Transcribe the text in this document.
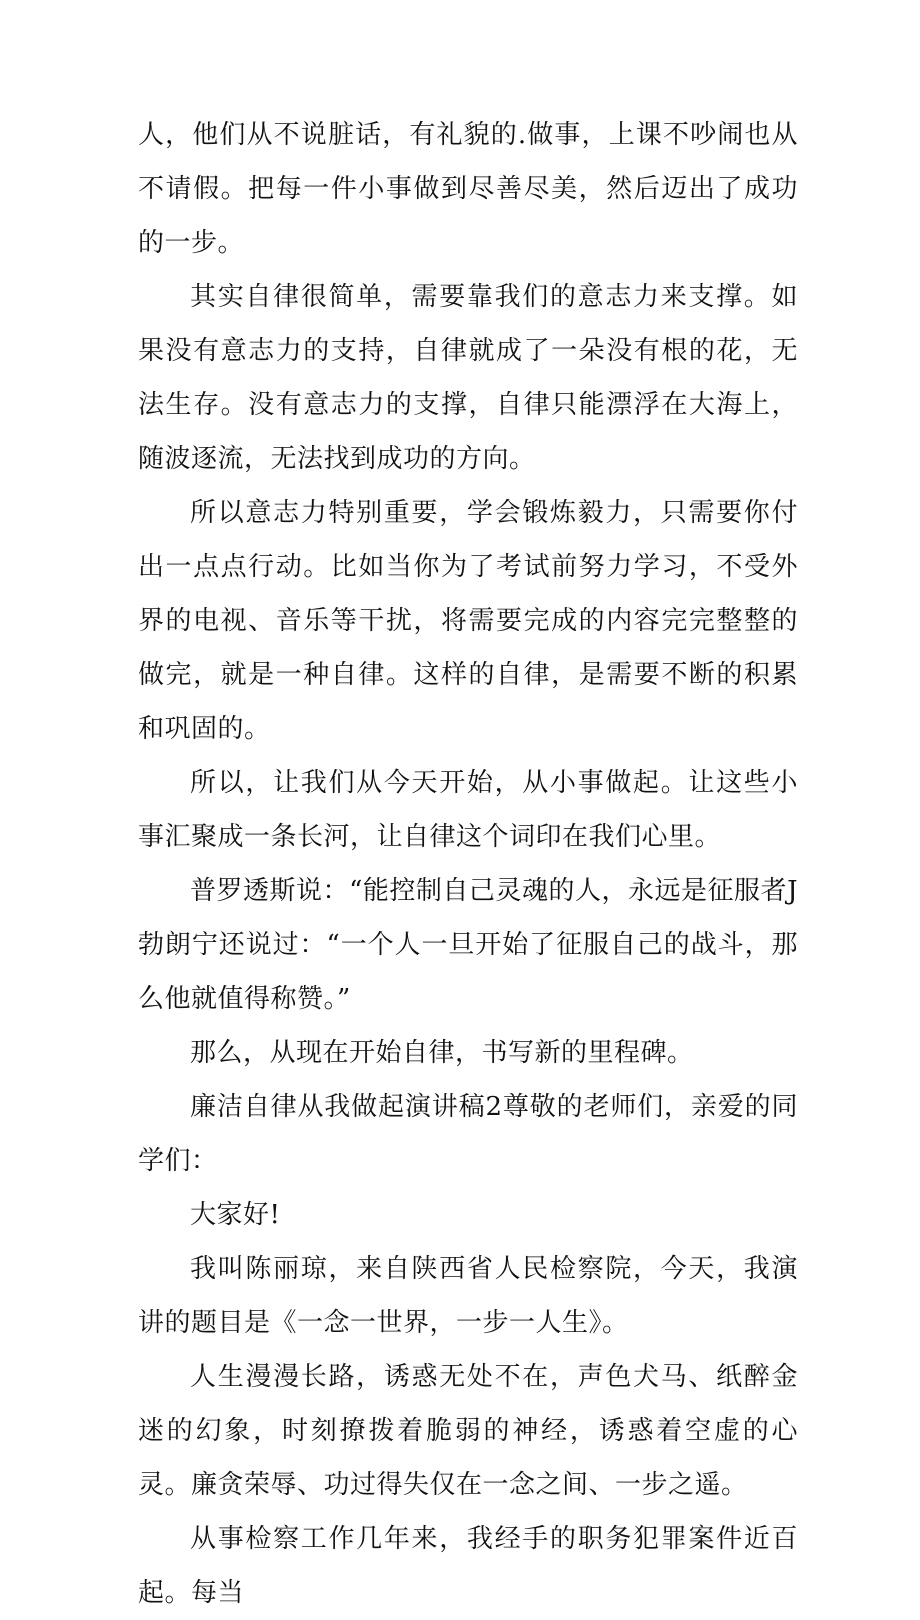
人，他们从不说脏话，有礼貌的.做事，上课不吵闹也从不请假。把每一件小事做到尽善尽美，然后迈出了成功的一步。

其实自律很简单，需要靠我们的意志力来支撑。如果没有意志力的支持，自律就成了一朵没有根的花，无法生存。没有意志力的支撑，自律只能漂浮在大海上，随波逐流，无法找到成功的方向。

所以意志力特别重要，学会锻炼毅力，只需要你付出一点点行动。比如当你为了考试前努力学习，不受外界的电视、音乐等干扰，将需要完成的内容完完整整的做完，就是一种自律。这样的自律，是需要不断的积累和巩固的。

所以，让我们从今天开始，从小事做起。让这些小事汇聚成一条长河，让自律这个词印在我们心里。

普罗透斯说：“能控制自己灵魂的人，永远是征服者J勃朗宁还说过：“一个人一旦开始了征服自己的战斗，那么他就值得称赞。”

那么，从现在开始自律，书写新的里程碑。

廉洁自律从我做起演讲稿2尊敬的老师们，亲爱的同学们：

大家好!

我叫陈丽琼，来自陕西省人民检察院，今天，我演讲的题目是《一念一世界，一步一人生》。

人生漫漫长路，诱惑无处不在，声色犬马、纸醉金迷的幻象，时刻撩拨着脆弱的神经，诱惑着空虚的心灵。廉贪荣辱、功过得失仅在一念之间、一步之遥。

从事检察工作几年来，我经手的职务犯罪案件近百起。每当
